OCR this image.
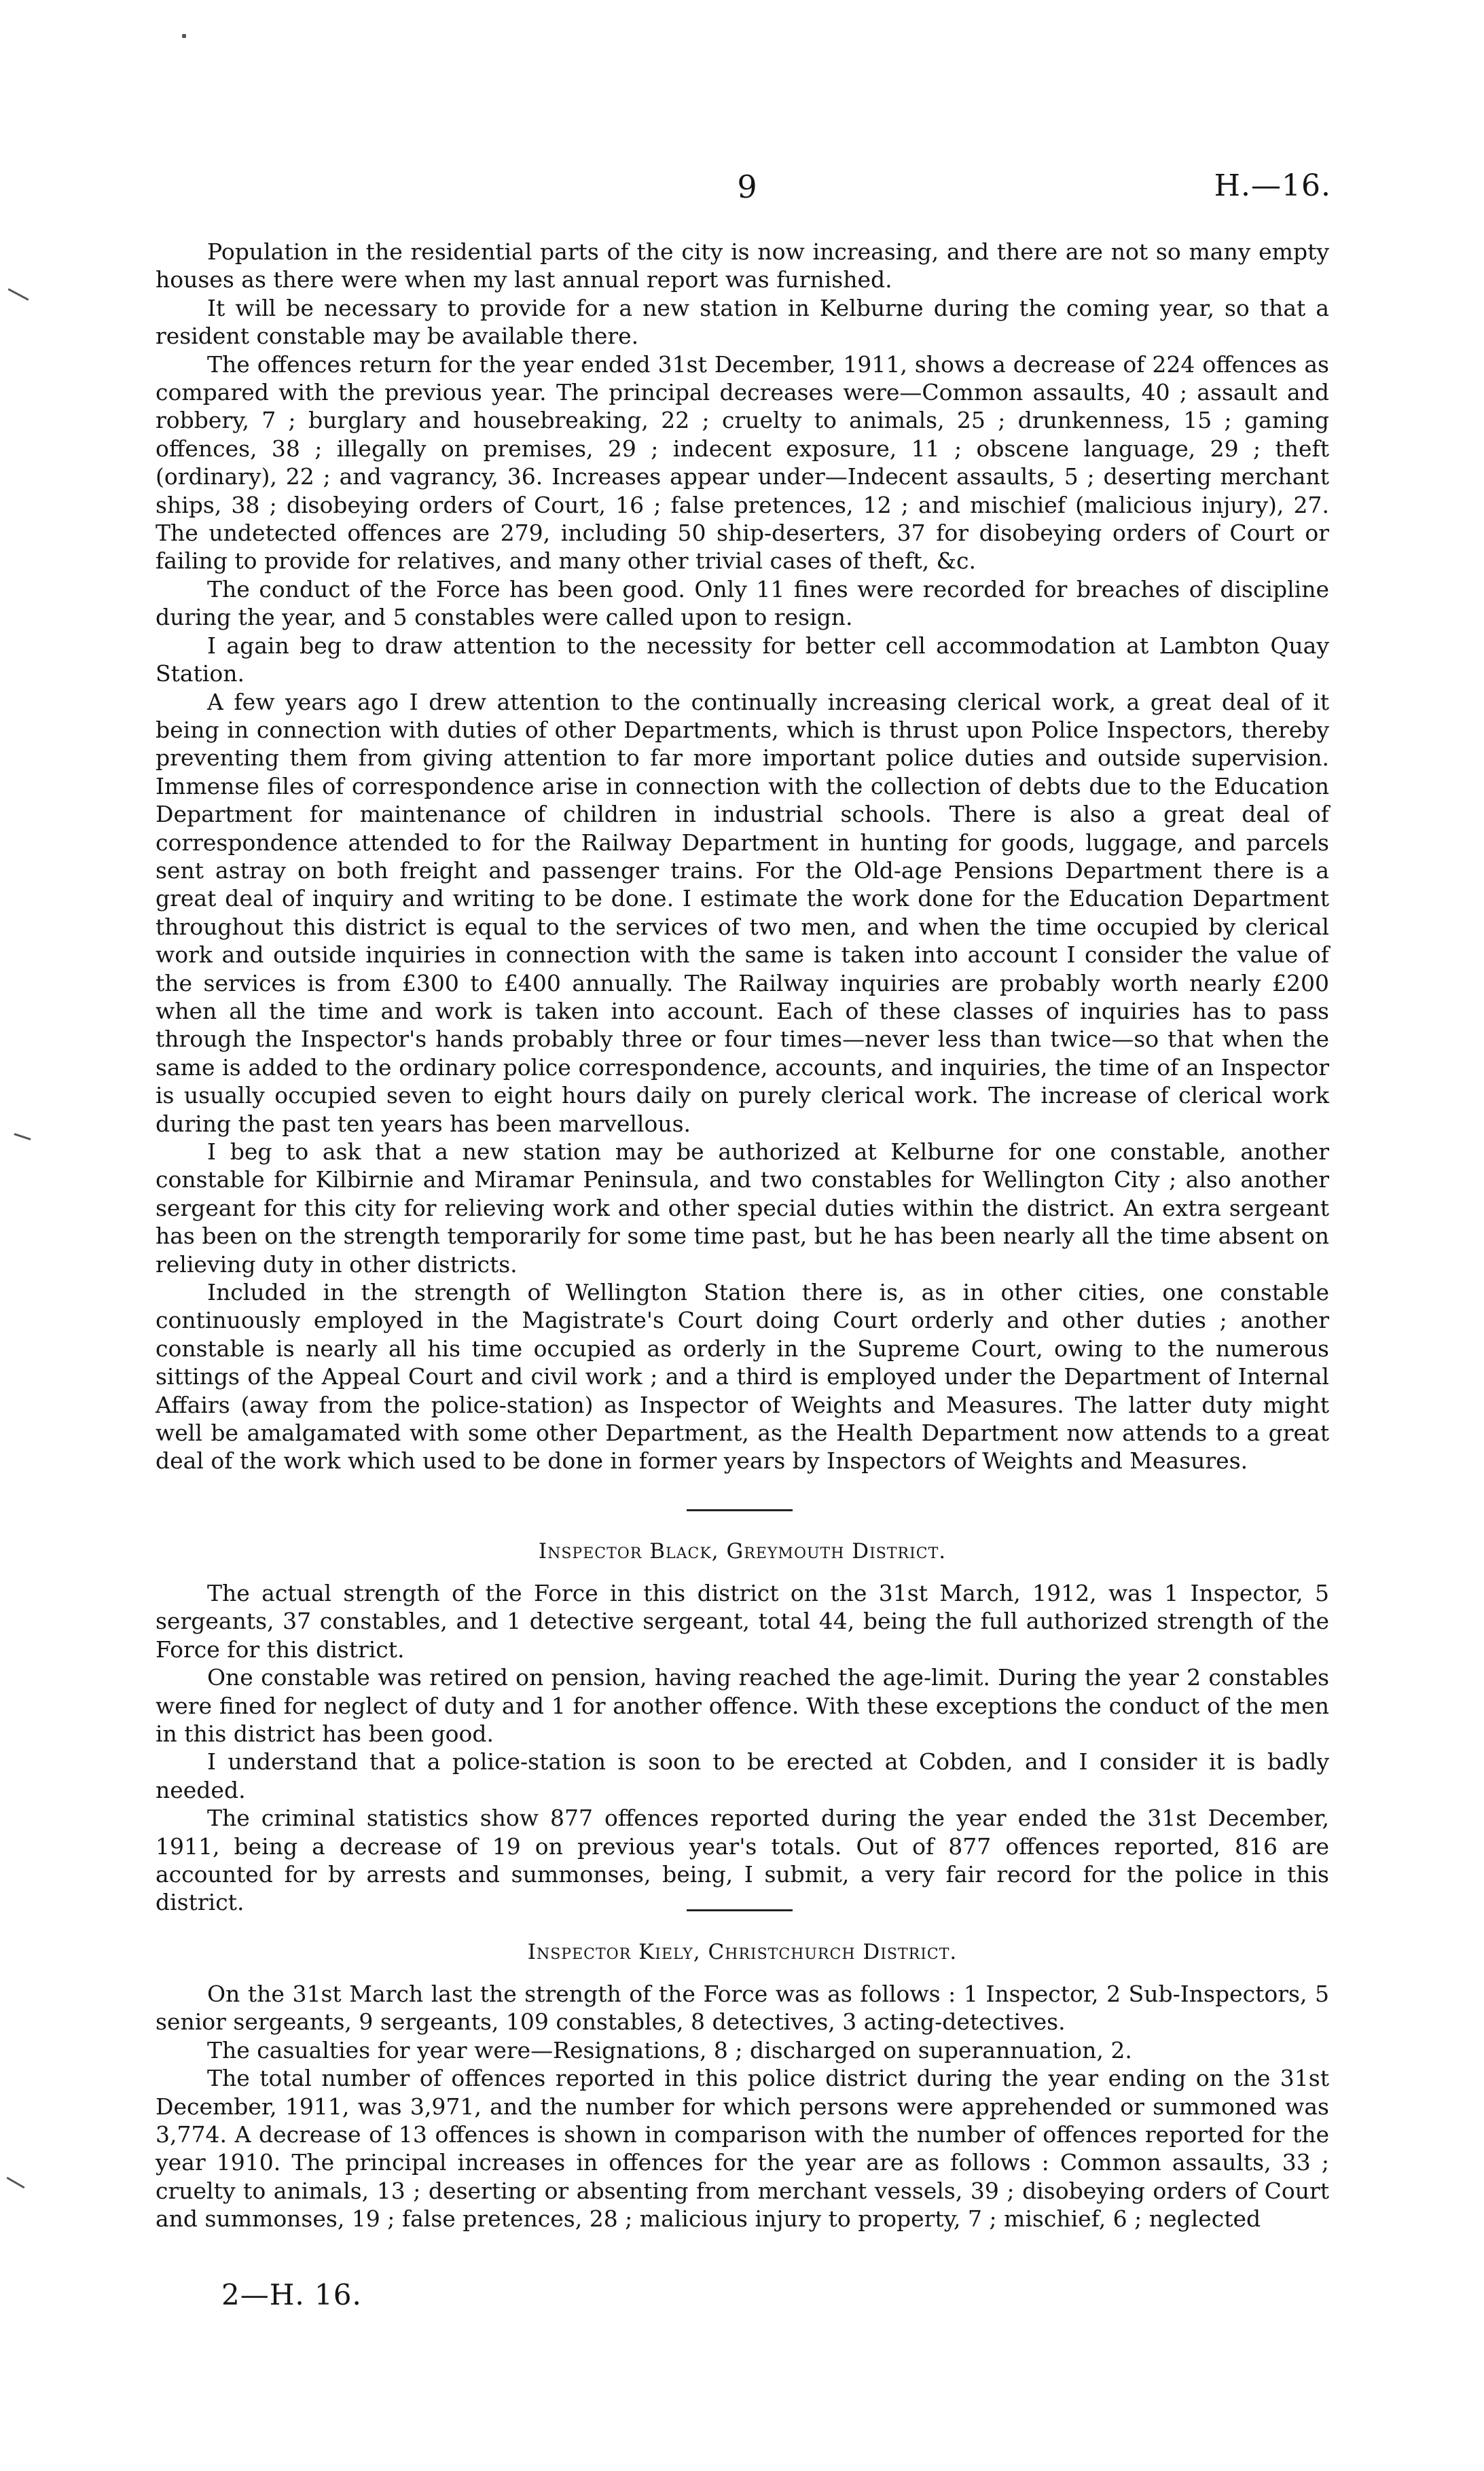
9	H.—16.

Population in the residential parts of the city is now increasing, and there are not so many empty houses as there were when my last annual report was furnished.

It will be necessary to provide for a new station in Kelburne during the coming year, so that a resident constable may be available there.

The offences return for the year ended 31st December, 1911, shows a decrease of 224 offences as compared with the previous year. The principal decreases were—Common assaults, 40 ; assault and robbery, 7 ; burglary and housebreaking, 22 ; cruelty to animals, 25 ; drunkenness, 15 ; gaming offences, 38 ; illegally on premises, 29 ; indecent exposure, 11 ; obscene language, 29 ; theft (ordinary), 22 ; and vagrancy, 36. Increases appear under—Indecent assaults, 5 ; deserting merchant ships, 38 ; disobeying orders of Court, 16 ; false pretences, 12 ; and mischief (malicious injury), 27. The undetected offences are 279, including 50 ship-deserters, 37 for disobeying orders of Court or failing to provide for relatives, and many other trivial cases of theft, &c.

The conduct of the Force has been good. Only 11 fines were recorded for breaches of discipline during the year, and 5 constables were called upon to resign.

I again beg to draw attention to the necessity for better cell accommodation at Lambton Quay Station.

A few years ago I drew attention to the continually increasing clerical work, a great deal of it being in connection with duties of other Departments, which is thrust upon Police Inspectors, thereby preventing them from giving attention to far more important police duties and outside supervision. Immense files of correspondence arise in connection with the collection of debts due to the Education Department for maintenance of children in industrial schools. There is also a great deal of correspondence attended to for the Railway Department in hunting for goods, luggage, and parcels sent astray on both freight and passenger trains. For the Old-age Pensions Department there is a great deal of inquiry and writing to be done. I estimate the work done for the Education Department throughout this district is equal to the services of two men, and when the time occupied by clerical work and outside inquiries in connection with the same is taken into account I consider the value of the services is from £300 to £400 annually. The Railway inquiries are probably worth nearly £200 when all the time and work is taken into account. Each of these classes of inquiries has to pass through the Inspector's hands probably three or four times—never less than twice—so that when the same is added to the ordinary police correspondence, accounts, and inquiries, the time of an Inspector is usually occupied seven to eight hours daily on purely clerical work. The increase of clerical work during the past ten years has been marvellous.

I beg to ask that a new station may be authorized at Kelburne for one constable, another constable for Kilbirnie and Miramar Peninsula, and two constables for Wellington City ; also another sergeant for this city for relieving work and other special duties within the district. An extra sergeant has been on the strength temporarily for some time past, but he has been nearly all the time absent on relieving duty in other districts.

Included in the strength of Wellington Station there is, as in other cities, one constable continuously employed in the Magistrate's Court doing Court orderly and other duties ; another constable is nearly all his time occupied as orderly in the Supreme Court, owing to the numerous sittings of the Appeal Court and civil work ; and a third is employed under the Department of Internal Affairs (away from the police-station) as Inspector of Weights and Measures. The latter duty might well be amalgamated with some other Department, as the Health Department now attends to a great deal of the work which used to be done in former years by Inspectors of Weights and Measures.

Inspector Black, Greymouth District.

The actual strength of the Force in this district on the 31st March, 1912, was 1 Inspector, 5 sergeants, 37 constables, and 1 detective sergeant, total 44, being the full authorized strength of the Force for this district.

One constable was retired on pension, having reached the age-limit. During the year 2 constables were fined for neglect of duty and 1 for another offence. With these exceptions the conduct of the men in this district has been good.

I understand that a police-station is soon to be erected at Cobden, and I consider it is badly needed.

The criminal statistics show 877 offences reported during the year ended the 31st December, 1911, being a decrease of 19 on previous year's totals. Out of 877 offences reported, 816 are accounted for by arrests and summonses, being, I submit, a very fair record for the police in this district.

Inspector Kiely, Christchurch District.

On the 31st March last the strength of the Force was as follows : 1 Inspector, 2 Sub-Inspectors, 5 senior sergeants, 9 sergeants, 109 constables, 8 detectives, 3 acting-detectives.

The casualties for year were—Resignations, 8 ; discharged on superannuation, 2.

The total number of offences reported in this police district during the year ending on the 31st December, 1911, was 3,971, and the number for which persons were apprehended or summoned was 3,774. A decrease of 13 offences is shown in comparison with the number of offences reported for the year 1910. The principal increases in offences for the year are as follows : Common assaults, 33 ; cruelty to animals, 13 ; deserting or absenting from merchant vessels, 39 ; disobeying orders of Court and summonses, 19 ; false pretences, 28 ; malicious injury to property, 7 ; mischief, 6 ; neglected

2—H. 16.
